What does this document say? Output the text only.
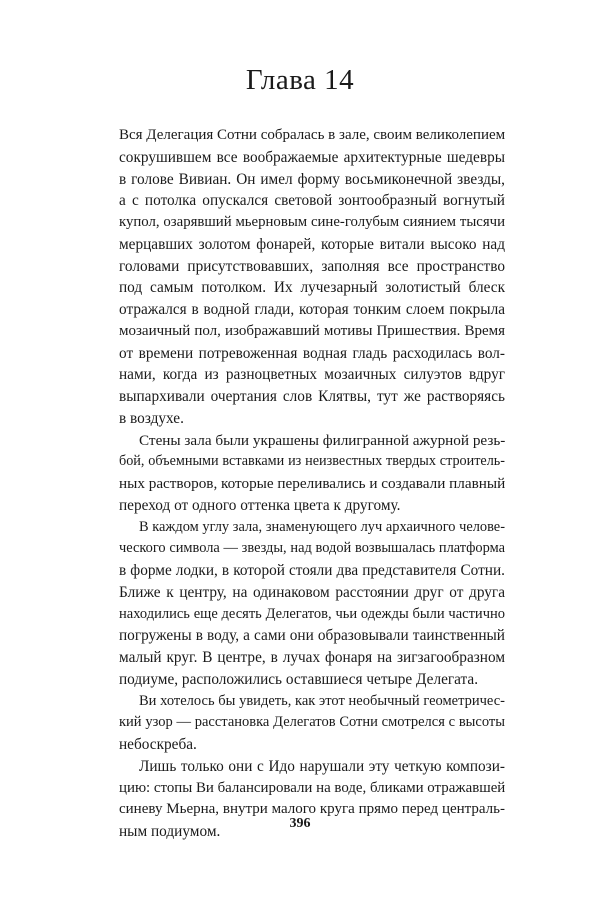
Глава 14
Вся Делегация Сотни собралась в зале, своим великолепием
сокрушившем все воображаемые архитектурные шедевры
в голове Вивиан. Он имел форму восьмиконечной звезды,
а с потолка опускался световой зонтообразный вогнутый
купол, озарявший мьерновым сине-голубым сиянием тысячи
мерцавших золотом фонарей, которые витали высоко над
головами присутствовавших, заполняя все пространство
под самым потолком. Их лучезарный золотистый блеск
отражался в водной глади, которая тонким слоем покрыла
мозаичный пол, изображавший мотивы Пришествия. Время
от времени потревоженная водная гладь расходилась вол-
нами, когда из разноцветных мозаичных силуэтов вдруг
выпархивали очертания слов Клятвы, тут же растворяясь
в воздухе.
Стены зала были украшены филигранной ажурной резь-
бой, объемными вставками из неизвестных твердых строитель-
ных растворов, которые переливались и создавали плавный
переход от одного оттенка цвета к другому.
В каждом углу зала, знаменующего луч архаичного челове-
ческого символа — звезды, над водой возвышалась платформа
в форме лодки, в которой стояли два представителя Сотни.
Ближе к центру, на одинаковом расстоянии друг от друга
находились еще десять Делегатов, чьи одежды были частично
погружены в воду, а сами они образовывали таинственный
малый круг. В центре, в лучах фонаря на зигзагообразном
подиуме, расположились оставшиеся четыре Делегата.
Ви хотелось бы увидеть, как этот необычный геометричес-
кий узор — расстановка Делегатов Сотни смотрелся с высоты
небоскреба.
Лишь только они с Идо нарушали эту четкую компози-
цию: стопы Ви балансировали на воде, бликами отражавшей
синеву Мьерна, внутри малого круга прямо перед централь-
ным подиумом.	396
